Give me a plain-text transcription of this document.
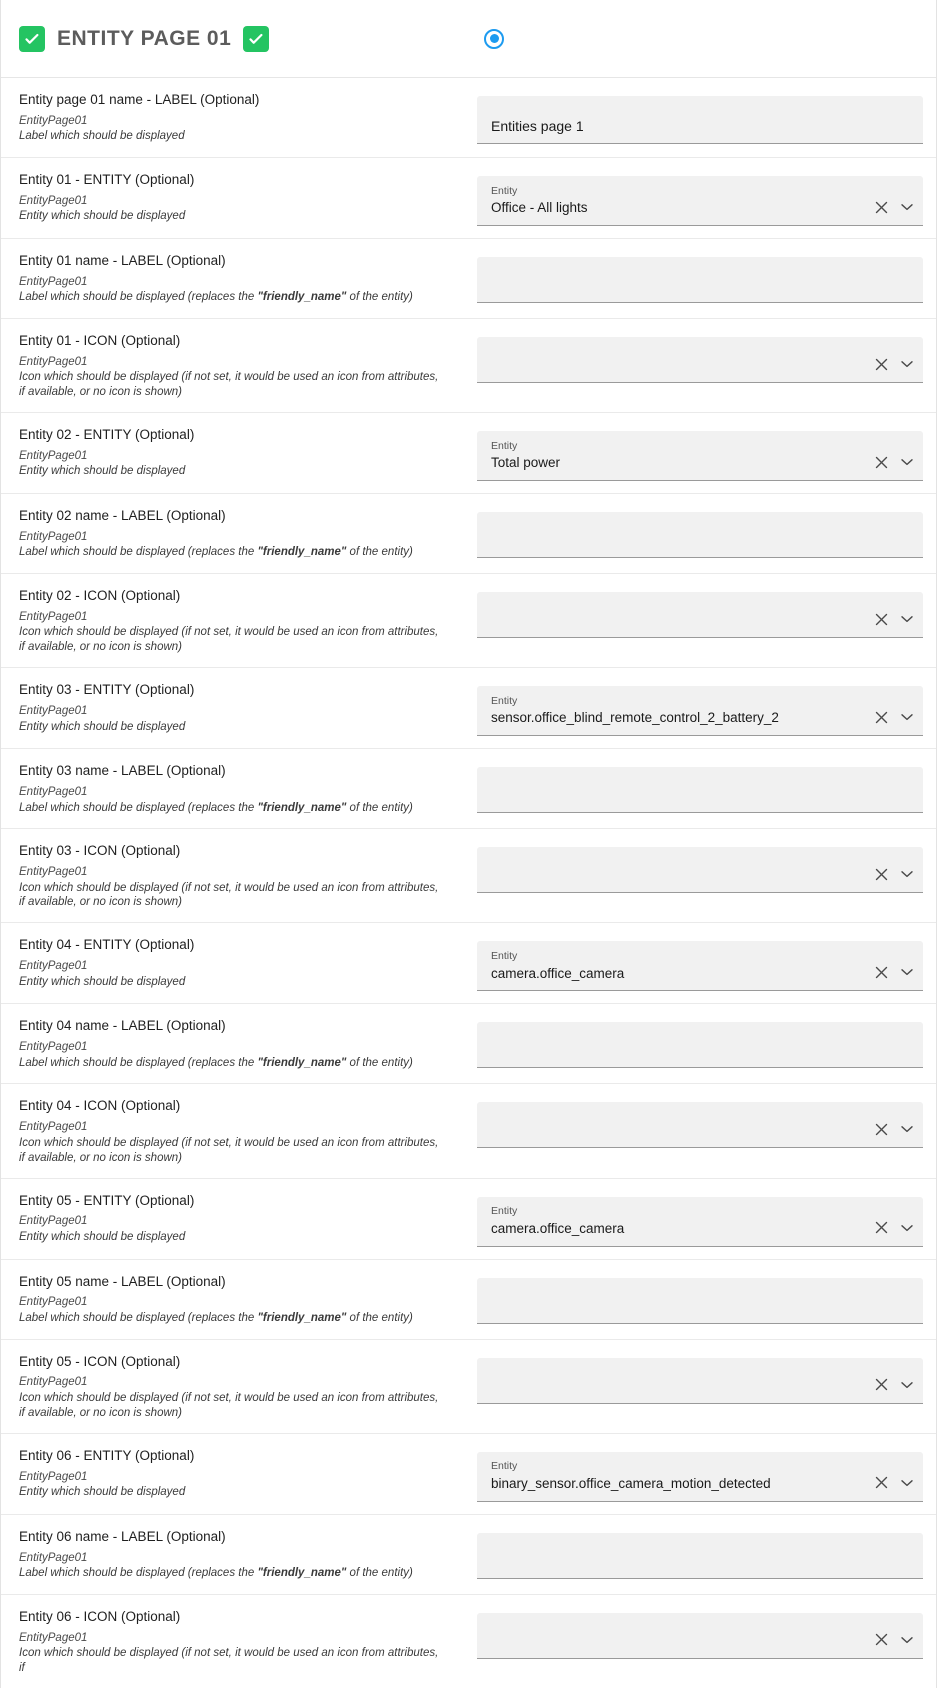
ENTITY PAGE 01
Entity page 01 name - LABEL (Optional)
EntityPage01
Label which should be displayed
Entities page 1
Entity 01 - ENTITY (Optional)
EntityPage01
Entity which should be displayed
Entity
Office - All lights
Entity 01 name - LABEL (Optional)
EntityPage01
Label which should be displayed (replaces the "friendly_name" of the entity)
Entity 01 - ICON (Optional)
EntityPage01
Icon which should be displayed (if not set, it would be used an icon from attributes, if available, or no icon is shown)
Entity 02 - ENTITY (Optional)
EntityPage01
Entity which should be displayed
Entity
Total power
Entity 02 name - LABEL (Optional)
EntityPage01
Label which should be displayed (replaces the "friendly_name" of the entity)
Entity 02 - ICON (Optional)
EntityPage01
Icon which should be displayed (if not set, it would be used an icon from attributes, if available, or no icon is shown)
Entity 03 - ENTITY (Optional)
EntityPage01
Entity which should be displayed
Entity
sensor.office_blind_remote_control_2_battery_2
Entity 03 name - LABEL (Optional)
EntityPage01
Label which should be displayed (replaces the "friendly_name" of the entity)
Entity 03 - ICON (Optional)
EntityPage01
Icon which should be displayed (if not set, it would be used an icon from attributes, if available, or no icon is shown)
Entity 04 - ENTITY (Optional)
EntityPage01
Entity which should be displayed
Entity
camera.office_camera
Entity 04 name - LABEL (Optional)
EntityPage01
Label which should be displayed (replaces the "friendly_name" of the entity)
Entity 04 - ICON (Optional)
EntityPage01
Icon which should be displayed (if not set, it would be used an icon from attributes, if available, or no icon is shown)
Entity 05 - ENTITY (Optional)
EntityPage01
Entity which should be displayed
Entity
camera.office_camera
Entity 05 name - LABEL (Optional)
EntityPage01
Label which should be displayed (replaces the "friendly_name" of the entity)
Entity 05 - ICON (Optional)
EntityPage01
Icon which should be displayed (if not set, it would be used an icon from attributes, if available, or no icon is shown)
Entity 06 - ENTITY (Optional)
EntityPage01
Entity which should be displayed
Entity
binary_sensor.office_camera_motion_detected
Entity 06 name - LABEL (Optional)
EntityPage01
Label which should be displayed (replaces the "friendly_name" of the entity)
Entity 06 - ICON (Optional)
EntityPage01
Icon which should be displayed (if not set, it would be used an icon from attributes, if
